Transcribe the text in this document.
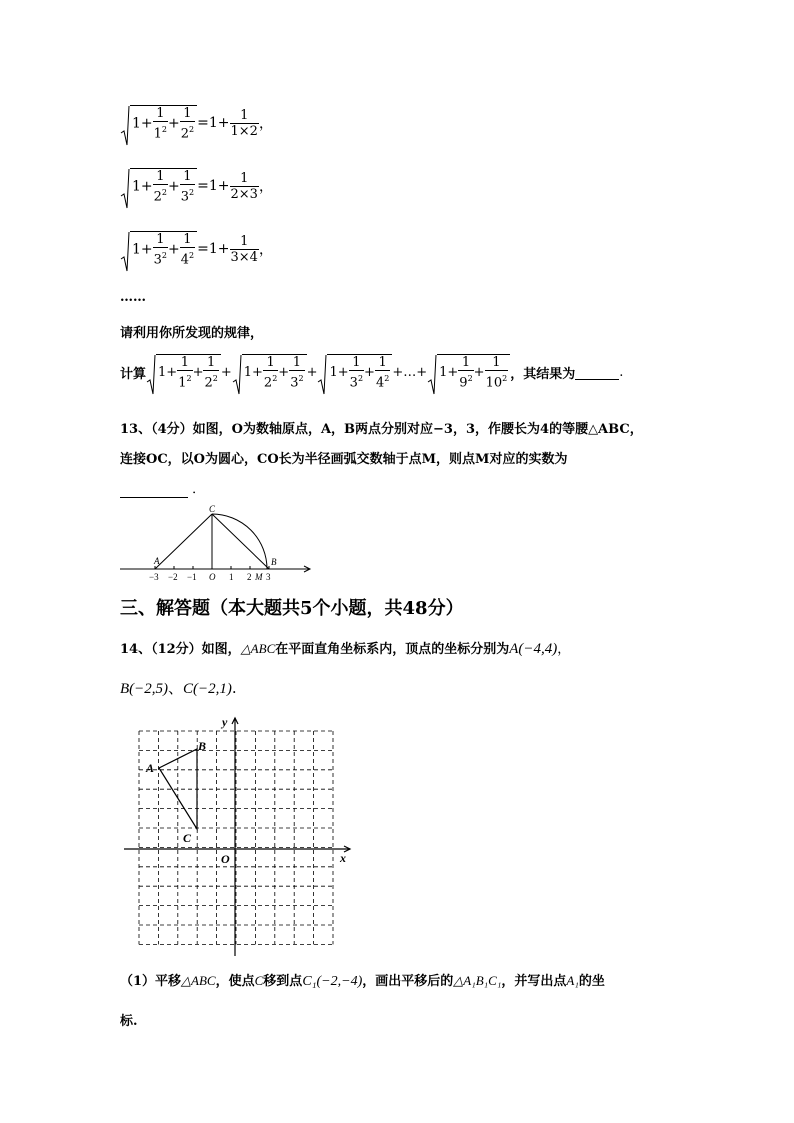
$1+ \frac{1}{1^2} + \frac{1}{2^2} = 1+ \frac{1}{1\times 2}$ ，
$1+ \frac{1}{2^2} + \frac{1}{3^2} = 1+ \frac{1}{2\times 3}$ ，
$1+ \frac{1}{3^2} + \frac{1}{4^2} = 1+ \frac{1}{3\times 4}$ ，
……
请利用你所发现的规律，
计算 $1+ \frac{1}{1^2} + \frac{1}{2^2} + 1+ \frac{1}{2^2} + \frac{1}{3^2} + 1+ \frac{1}{3^2} + \frac{1}{4^2}$ +…+ $1+ \frac{1}{9^2} + \frac{1}{10^2}$ ，其结果为
	.
13、（4分）如图，O为数轴原点，A，B两点分别对应−3，3，作腰长为4的等腰△ABC，
连接OC，以O为圆心，CO长为半径画弧交数轴于点M，则点M对应的实数为
．
A	B
C
−3 −2 −1 O 1 2 M 3
三、解答题（本大题共5个小题，共48分）
14、（12分）如图，△ABC在平面直角坐标系内，顶点的坐标分别为A(−4,4)，
B(−2,5)、C(−2,1).
A
B
C
O	x
y
（1）平移△ABC，使点C移到点C₁(−2,−4)，画出平移后的△A₁B₁C₁，并写出点A₁的坐
标.
